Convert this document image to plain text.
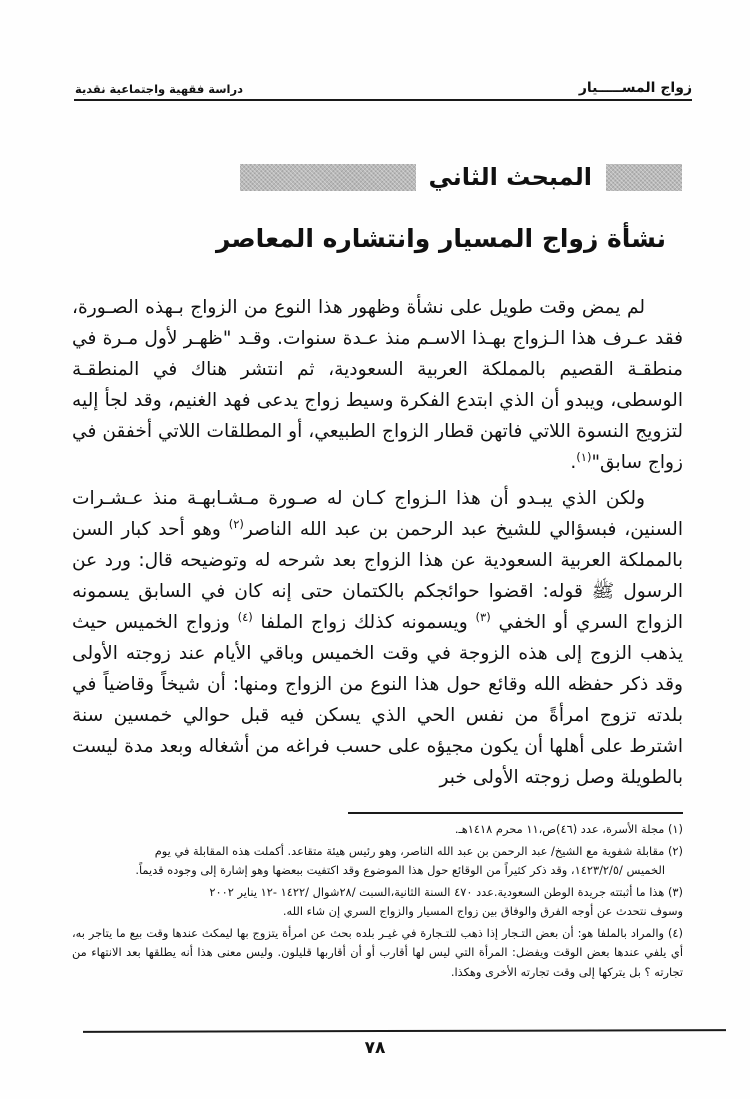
زواج المســـــيار
دراسة فقهية واجتماعية نقدية
المبحث الثاني
نشأة زواج المسيار وانتشاره المعاصر

لم يمض وقت طويل على نشأة وظهور هذا النوع من الزواج بـهذه الصـورة، فقد عـرف هذا الـزواج بهـذا الاسـم منذ عـدة سنوات. وقـد "ظهـر لأول مـرة في منطقـة القصيم بالمملكة العربية السعودية، ثم انتشر هناك في المنطقـة الوسطى، ويبدو أن الذي ابتدع الفكرة وسيط زواج يدعى فهد الغنيم، وقد لجأ إليه لتزويج النسوة اللاتي فاتهن قطار الزواج الطبيعي، أو المطلقات اللاتي أخفقن في زواج سابق"$^{(١)}$.

ولكن الذي يبـدو أن هذا الـزواج كـان له صـورة مـشـابهـة منذ عـشـرات السنين، فبسؤالي للشيخ عبد الرحمن بن عبد الله الناصر$^{(٢)}$ وهو أحد كبار السن بالمملكة العربية السعودية عن هذا الزواج بعد شرحه له وتوضيحه قال: ورد عن الرسول ﷺ قوله: اقضوا حوائجكم بالكتمان حتى إنه كان في السابق يسمونه الزواج السري أو الخفي $^{(٣)}$ ويسمونه كذلك زواج الملفا $^{(٤)}$ وزواج الخميس حيث يذهب الزوج إلى هذه الزوجة في وقت الخميس وباقي الأيام عند زوجته الأولى وقد ذكر حفظه الله وقائع حول هذا النوع من الزواج ومنها: أن شيخاً وقاضياً في بلدته تزوج امرأةً من نفس الحي الذي يسكن فيه قبل حوالي خمسين سنة اشترط على أهلها أن يكون مجيؤه على حسب فراغه من أشغاله وبعد مدة ليست بالطويلة وصل زوجته الأولى خبر

(١) مجلة الأسرة، عدد (٤٦)ص،١١ محرم ١٤١٨هـ.
(٢) مقابلة شفوية مع الشيخ/ عبد الرحمن بن عبد الله الناصر، وهو رئيس هيئة متقاعد. أكملت هذه المقابلة في يوم
الخميس /١٤٢٣/٢/٥، وقد ذكر كثيراً من الوقائع حول هذا الموضوع وقد اكتفيت ببعضها وهو إشارة إلى وجوده قديماً.
(٣) هذا ما أثبتته جريدة الوطن السعودية.عدد ٤٧٠ السنة الثانية،السبت /٢٨شوال /١٤٢٢ -١٢ يناير ٢٠٠٢
وسوف نتحدث عن أوجه الفرق والوفاق بين زواج المسيار والزواج السري إن شاء الله.
(٤) والمراد بالملفا هو: أن بعض التـجار إذا ذهب للتـجارة في غيـر بلده بحث عن امرأة يتزوج بها ليمكث عندها وقت بيع ما يتاجر به، أي يلفي عندها بعض الوقت ويفضل: المرأة التي ليس لها أقارب أو أن أقاربها قليلون. وليس معنى هذا أنه يطلقها بعد الانتهاء من تجارته ؟ بل يتركها إلى وقت تجارته الأخرى وهكذا.
٧٨
